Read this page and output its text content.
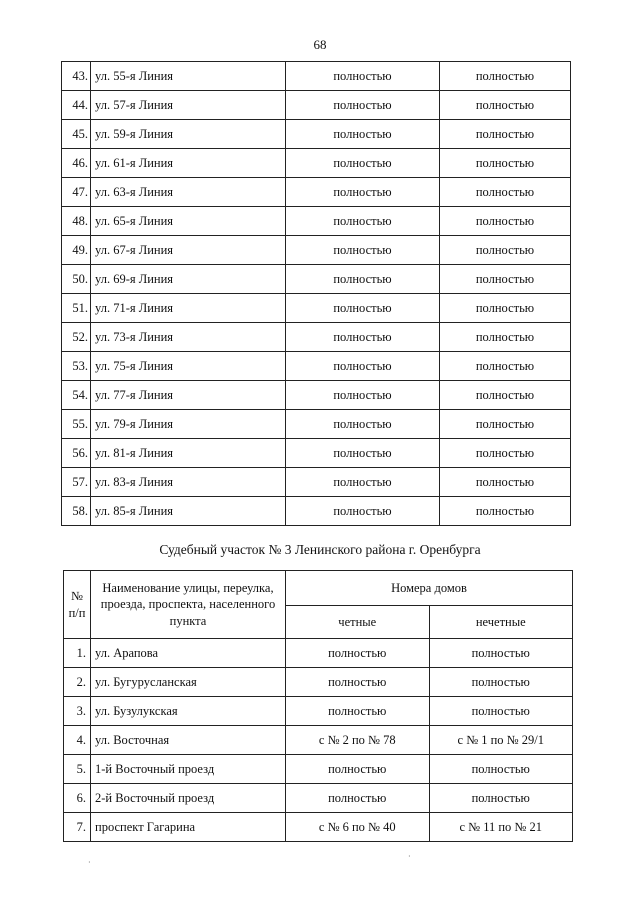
68
43.	ул. 55-я Линия	полностью	полностью
44.	ул. 57-я Линия	полностью	полностью
45.	ул. 59-я Линия	полностью	полностью
46.	ул. 61-я Линия	полностью	полностью
47.	ул. 63-я Линия	полностью	полностью
48.	ул. 65-я Линия	полностью	полностью
49.	ул. 67-я Линия	полностью	полностью
50.	ул. 69-я Линия	полностью	полностью
51.	ул. 71-я Линия	полностью	полностью
52.	ул. 73-я Линия	полностью	полностью
53.	ул. 75-я Линия	полностью	полностью
54.	ул. 77-я Линия	полностью	полностью
55.	ул. 79-я Линия	полностью	полностью
56.	ул. 81-я Линия	полностью	полностью
57.	ул. 83-я Линия	полностью	полностью
58.	ул. 85-я Линия	полностью	полностью
Судебный участок № 3 Ленинского района г. Оренбурга
№ п/п	Наименование улицы, переулка, проезда, проспекта, населенного пункта	Номера домов	
		четные	нечетные
1.	ул. Арапова	полностью	полностью
2.	ул. Бугурусланская	полностью	полностью
3.	ул. Бузулукская	полностью	полностью
4.	ул. Восточная	с № 2 по № 78	с № 1 по № 29/1
5.	1-й Восточный проезд	полностью	полностью
6.	2-й Восточный проезд	полностью	полностью
7.	проспект Гагарина	с № 6 по № 40	с № 11 по № 21
·
·
